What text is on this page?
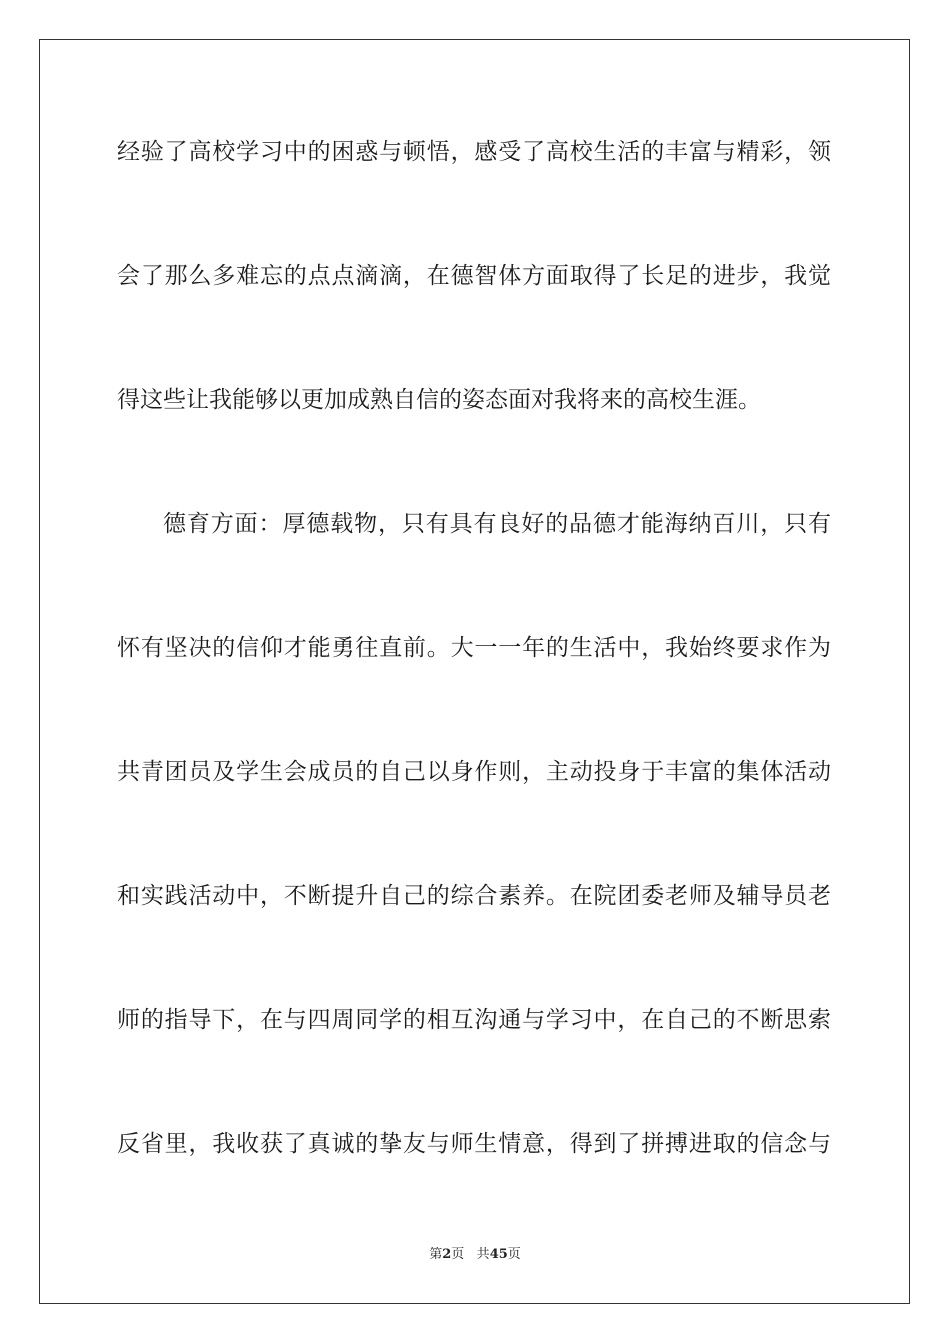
经验了高校学习中的困惑与顿悟，感受了高校生活的丰富与精彩，领
会了那么多难忘的点点滴滴，在德智体方面取得了长足的进步，我觉
得这些让我能够以更加成熟自信的姿态面对我将来的高校生涯。
德育方面：厚德载物，只有具有良好的品德才能海纳百川，只有
怀有坚决的信仰才能勇往直前。大一一年的生活中，我始终要求作为
共青团员及学生会成员的自己以身作则，主动投身于丰富的集体活动
和实践活动中，不断提升自己的综合素养。在院团委老师及辅导员老
师的指导下，在与四周同学的相互沟通与学习中，在自己的不断思索
反省里，我收获了真诚的挚友与师生情意，得到了拼搏进取的信念与
第2页 共45页
